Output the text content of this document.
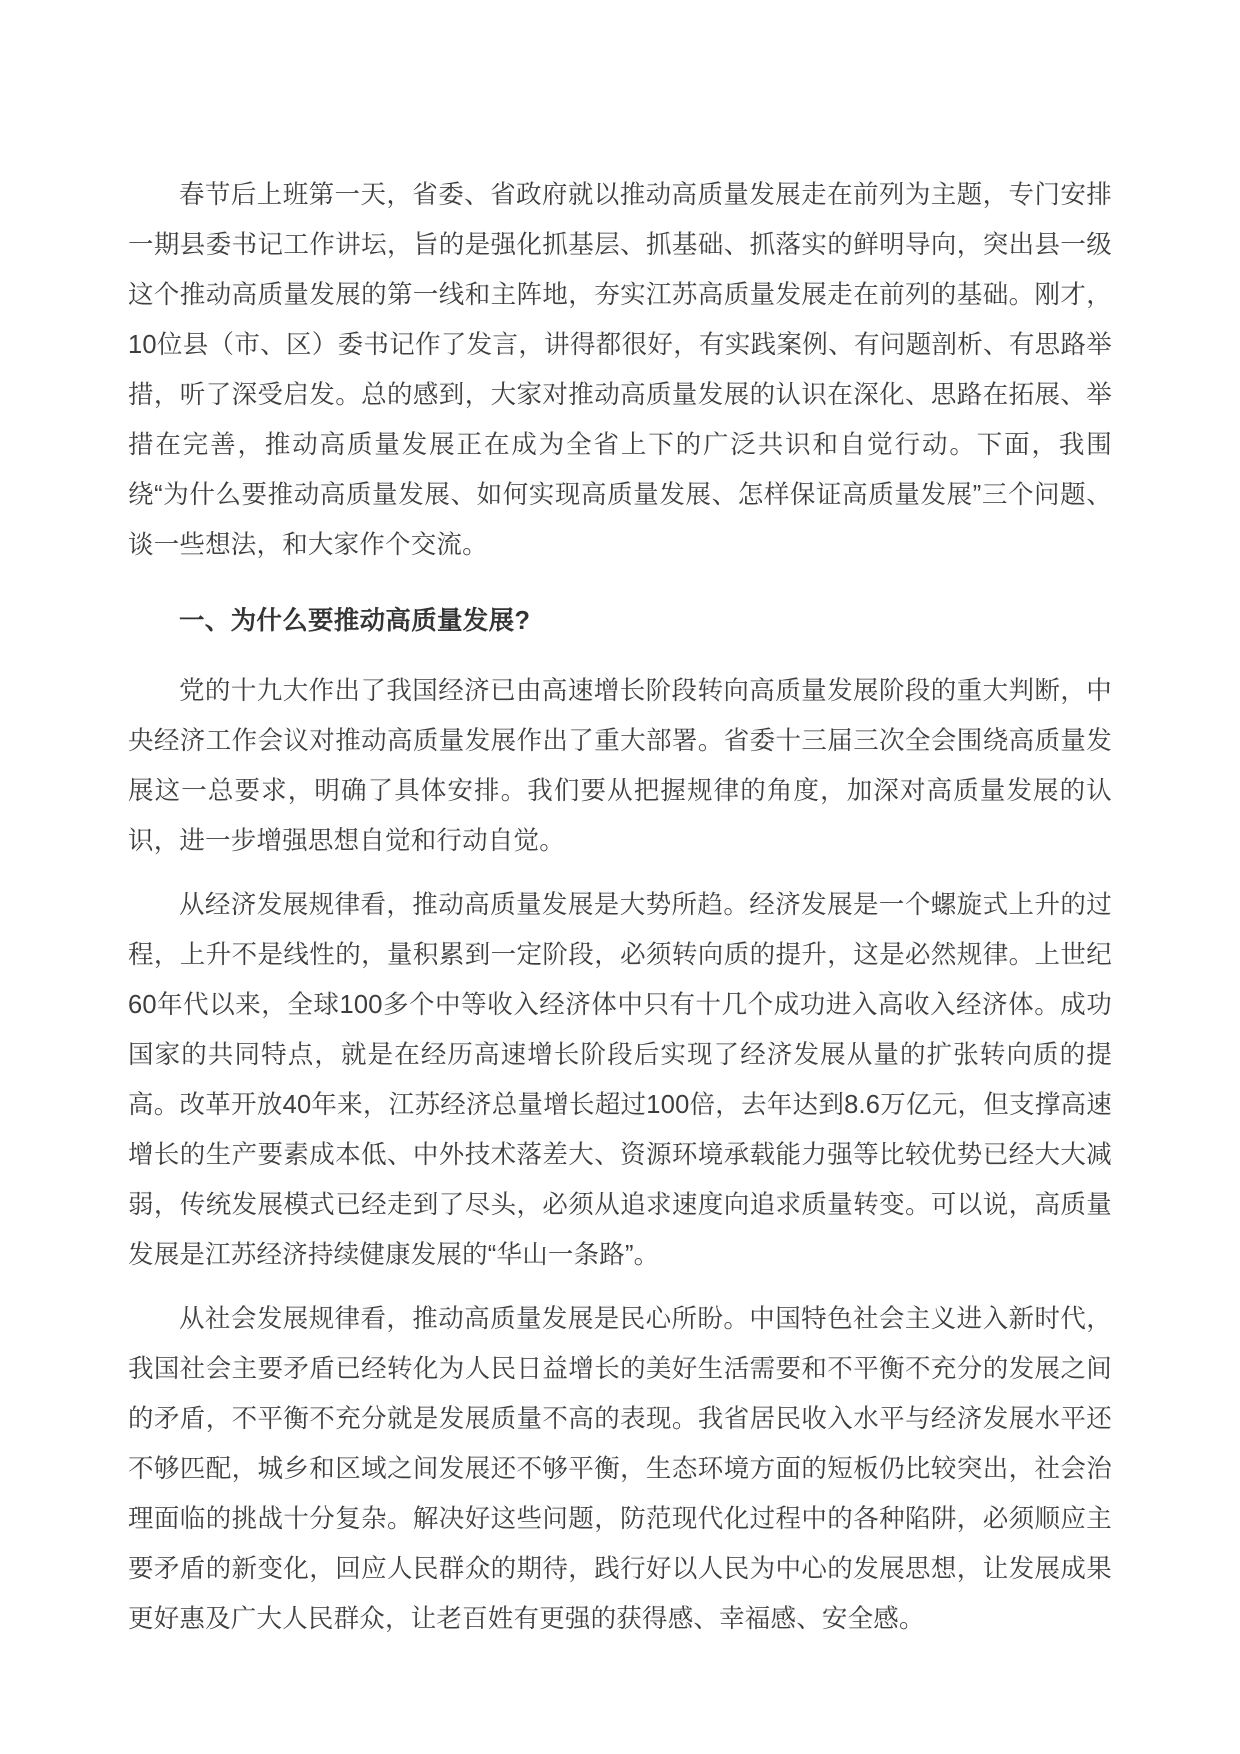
春节后上班第一天，省委、省政府就以推动高质量发展走在前列为主题，专门安排一期县委书记工作讲坛，旨的是强化抓基层、抓基础、抓落实的鲜明导向，突出县一级这个推动高质量发展的第一线和主阵地，夯实江苏高质量发展走在前列的基础。刚才，10位县（市、区）委书记作了发言，讲得都很好，有实践案例、有问题剖析、有思路举措，听了深受启发。总的感到，大家对推动高质量发展的认识在深化、思路在拓展、举措在完善，推动高质量发展正在成为全省上下的广泛共识和自觉行动。下面，我围绕“为什么要推动高质量发展、如何实现高质量发展、怎样保证高质量发展”三个问题、谈一些想法，和大家作个交流。

一、为什么要推动高质量发展?

党的十九大作出了我国经济已由高速增长阶段转向高质量发展阶段的重大判断，中央经济工作会议对推动高质量发展作出了重大部署。省委十三届三次全会围绕高质量发展这一总要求，明确了具体安排。我们要从把握规律的角度，加深对高质量发展的认识，进一步增强思想自觉和行动自觉。

从经济发展规律看，推动高质量发展是大势所趋。经济发展是一个螺旋式上升的过程，上升不是线性的，量积累到一定阶段，必须转向质的提升，这是必然规律。上世纪60年代以来，全球100多个中等收入经济体中只有十几个成功进入高收入经济体。成功国家的共同特点，就是在经历高速增长阶段后实现了经济发展从量的扩张转向质的提高。改革开放40年来，江苏经济总量增长超过100倍，去年达到8.6万亿元，但支撑高速增长的生产要素成本低、中外技术落差大、资源环境承载能力强等比较优势已经大大减弱，传统发展模式已经走到了尽头，必须从追求速度向追求质量转变。可以说，高质量发展是江苏经济持续健康发展的“华山一条路”。

从社会发展规律看，推动高质量发展是民心所盼。中国特色社会主义进入新时代，我国社会主要矛盾已经转化为人民日益增长的美好生活需要和不平衡不充分的发展之间的矛盾，不平衡不充分就是发展质量不高的表现。我省居民收入水平与经济发展水平还不够匹配，城乡和区域之间发展还不够平衡，生态环境方面的短板仍比较突出，社会治理面临的挑战十分复杂。解决好这些问题，防范现代化过程中的各种陷阱，必须顺应主要矛盾的新变化，回应人民群众的期待，践行好以人民为中心的发展思想，让发展成果更好惠及广大人民群众，让老百姓有更强的获得感、幸福感、安全感。
